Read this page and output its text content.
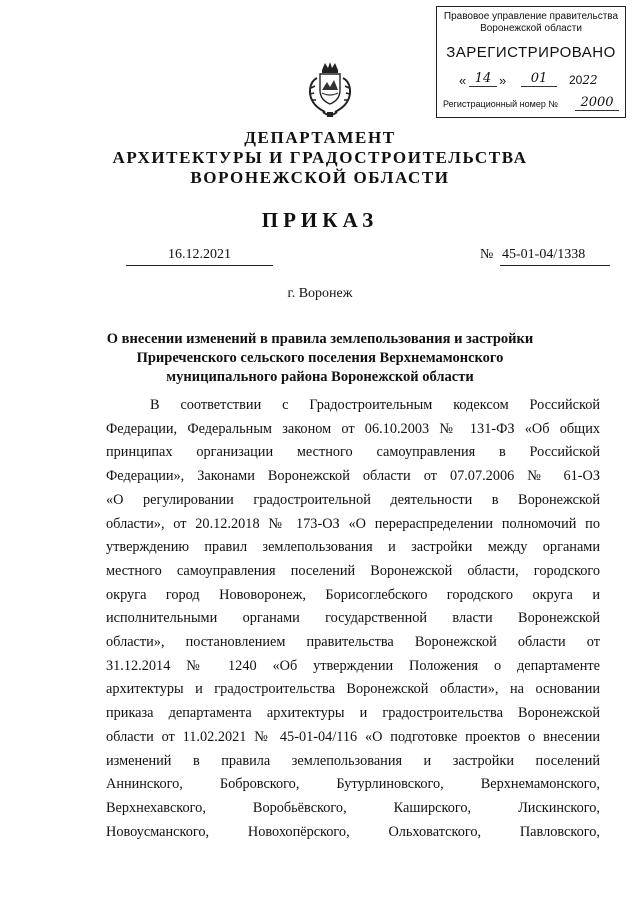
Правовое управление правительства
Воронежской области
ЗАРЕГИСТРИРОВАНО
« 14 »	01	2022
Регистрационный номер №	2000
ДЕПАРТАМЕНТ
АРХИТЕКТУРЫ И ГРАДОСТРОИТЕЛЬСТВА
ВОРОНЕЖСКОЙ ОБЛАСТИ
ПРИКАЗ
16.12.2021	№ 45-01-04/1338
г. Воронеж
О внесении изменений в правила землепользования и застройки
Приреченского сельского поселения Верхнемамонского
муниципального района Воронежской области
В соответствии с Градостроительным кодексом Российской
Федерации, Федеральным законом от 06.10.2003 № 131-ФЗ «Об общих
принципах организации местного самоуправления в Российской
Федерации», Законами Воронежской области от 07.07.2006 № 61-ОЗ
«О регулировании градостроительной деятельности в Воронежской
области», от 20.12.2018 № 173-ОЗ «О перераспределении полномочий по
утверждению правил землепользования и застройки между органами
местного самоуправления поселений Воронежской области, городского
округа город Нововоронеж, Борисоглебского городского округа и
исполнительными органами государственной власти Воронежской
области», постановлением правительства Воронежской области от
31.12.2014 № 1240 «Об утверждении Положения о департаменте
архитектуры и градостроительства Воронежской области», на основании
приказа департамента архитектуры и градостроительства Воронежской
области от 11.02.2021 № 45-01-04/116 «О подготовке проектов о внесении
изменений в правила землепользования и застройки поселений
Аннинского, Бобровского, Бутурлиновского, Верхнемамонского,
Верхнехавского, Воробьёвского, Каширского, Лискинского,
Новоусманского, Новохопёрского, Ольховатского, Павловского,
